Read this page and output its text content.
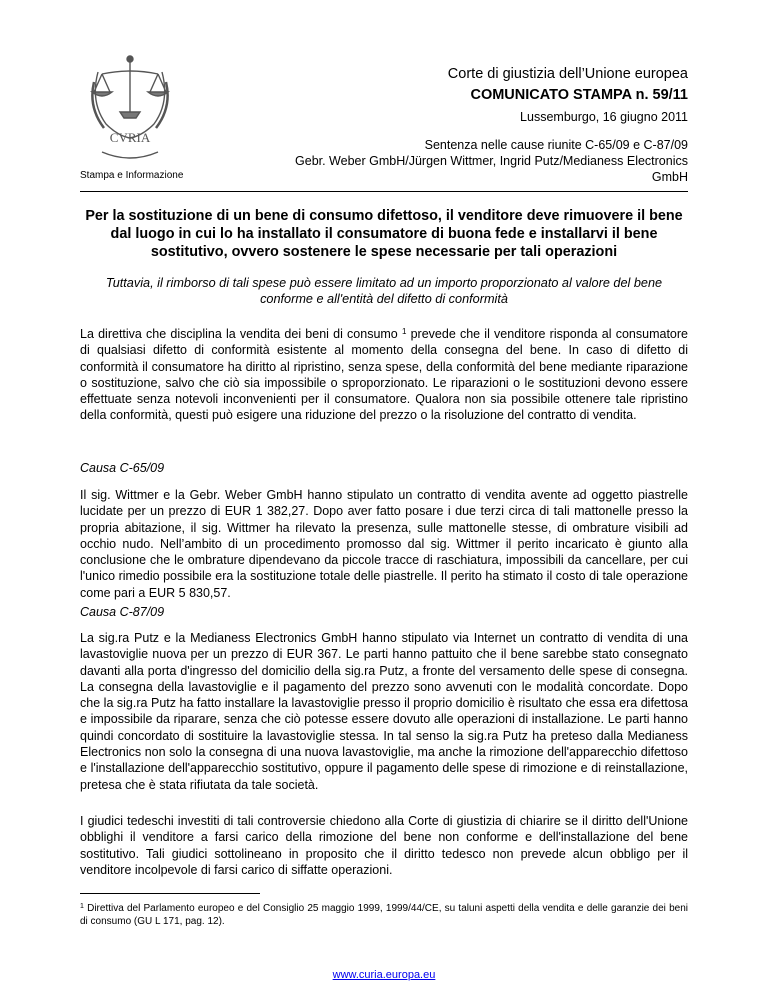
CVRIA
Stampa e Informazione
Corte di giustizia dell’Unione europea
COMUNICATO STAMPA n. 59/11
Lussemburgo, 16 giugno 2011
Sentenza nelle cause riunite C-65/09 e C-87/09
Gebr. Weber GmbH/Jürgen Wittmer, Ingrid Putz/Medianess Electronics
GmbH
Per la sostituzione di un bene di consumo difettoso, il venditore deve rimuovere il bene dal luogo in cui lo ha installato il consumatore di buona fede e installarvi il bene sostitutivo, ovvero sostenere le spese necessarie per tali operazioni
Tuttavia, il rimborso di tali spese può essere limitato ad un importo proporzionato al valore del bene conforme e all'entità del difetto di conformità
La direttiva che disciplina la vendita dei beni di consumo $^1$ prevede che il venditore risponda al consumatore di qualsiasi difetto di conformità esistente al momento della consegna del bene. In caso di difetto di conformità il consumatore ha diritto al ripristino, senza spese, della conformità del bene mediante riparazione o sostituzione, salvo che ciò sia impossibile o sproporzionato. Le riparazioni o le sostituzioni devono essere effettuate senza notevoli inconvenienti per il consumatore. Qualora non sia possibile ottenere tale ripristino della conformità, questi può esigere una riduzione del prezzo o la risoluzione del contratto di vendita.
Causa C-65/09
Il sig. Wittmer e la Gebr. Weber GmbH hanno stipulato un contratto di vendita avente ad oggetto piastrelle lucidate per un prezzo di EUR 1 382,27. Dopo aver fatto posare i due terzi circa di tali mattonelle presso la propria abitazione, il sig. Wittmer ha rilevato la presenza, sulle mattonelle stesse, di ombrature visibili ad occhio nudo. Nell’ambito di un procedimento promosso dal sig. Wittmer il perito incaricato è giunto alla conclusione che le ombrature dipendevano da piccole tracce di raschiatura, impossibili da cancellare, per cui l'unico rimedio possibile era la sostituzione totale delle piastrelle. Il perito ha stimato il costo di tale operazione come pari a EUR 5 830,57.
Causa C-87/09
La sig.ra Putz e la Medianess Electronics GmbH hanno stipulato via Internet un contratto di vendita di una lavastoviglie nuova per un prezzo di EUR 367. Le parti hanno pattuito che il bene sarebbe stato consegnato davanti alla porta d'ingresso del domicilio della sig.ra Putz, a fronte del versamento delle spese di consegna. La consegna della lavastoviglie e il pagamento del prezzo sono avvenuti con le modalità concordate. Dopo che la sig.ra Putz ha fatto installare la lavastoviglie presso il proprio domicilio è risultato che essa era difettosa e impossibile da riparare, senza che ciò potesse essere dovuto alle operazioni di installazione. Le parti hanno quindi concordato di sostituire la lavastoviglie stessa. In tal senso la sig.ra Putz ha preteso dalla Medianess Electronics non solo la consegna di una nuova lavastoviglie, ma anche la rimozione dell'apparecchio difettoso e l'installazione dell'apparecchio sostitutivo, oppure il pagamento delle spese di rimozione e di reinstallazione, pretesa che è stata rifiutata da tale società.
I giudici tedeschi investiti di tali controversie chiedono alla Corte di giustizia di chiarire se il diritto dell'Unione obblighi il venditore a farsi carico della rimozione del bene non conforme e dell'installazione del bene sostitutivo. Tali giudici sottolineano in proposito che il diritto tedesco non prevede alcun obbligo per il venditore incolpevole di farsi carico di siffatte operazioni.
$^1$ Direttiva del Parlamento europeo e del Consiglio 25 maggio 1999, 1999/44/CE, su taluni aspetti della vendita e delle garanzie dei beni di consumo (GU L 171, pag. 12).
www.curia.europa.eu
